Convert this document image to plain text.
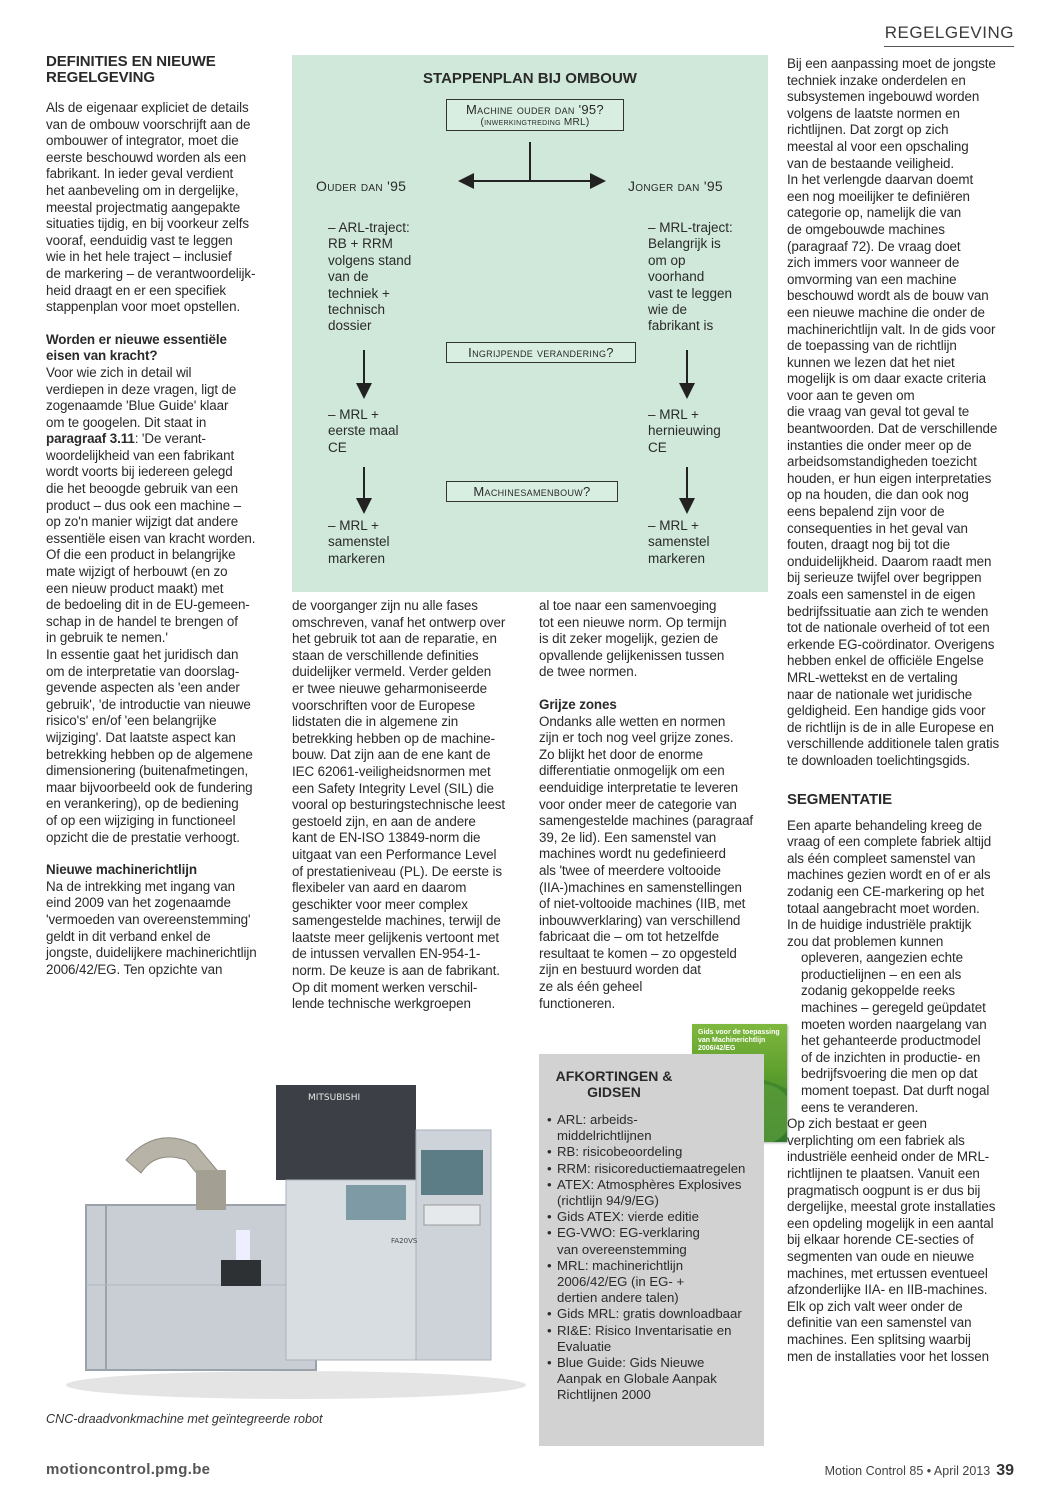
REGELGEVING

DEFINITIES EN NIEUWE
REGELGEVING

Als de eigenaar expliciet de details
van de ombouw voorschrijft aan de
ombouwer of integrator, moet die
eerste beschouwd worden als een
fabrikant. In ieder geval verdient
het aanbeveling om in dergelijke,
meestal projectmatig aangepakte
situaties tijdig, en bij voorkeur zelfs
vooraf, eenduidig vast te leggen
wie in het hele traject – inclusief
de markering – de verantwoordelijk-
heid draagt en er een specifiek
stappenplan voor moet opstellen.

Worden er nieuwe essentiële
eisen van kracht?

Voor wie zich in detail wil
verdiepen in deze vragen, ligt de
zogenaamde 'Blue Guide' klaar
om te googelen. Dit staat in
paragraaf 3.11: 'De verant-
woordelijkheid van een fabrikant
wordt voorts bij iedereen gelegd
die het beoogde gebruik van een
product – dus ook een machine –
op zo'n manier wijzigt dat andere
essentiële eisen van kracht worden.
Of die een product in belangrijke
mate wijzigt of herbouwt (en zo
een nieuw product maakt) met
de bedoeling dit in de EU-gemeen-
schap in de handel te brengen of
in gebruik te nemen.'

In essentie gaat het juridisch dan
om de interpretatie van doorslag-
gevende aspecten als 'een ander
gebruik', 'de introductie van nieuwe
risico's' en/of 'een belangrijke
wijziging'. Dat laatste aspect kan
betrekking hebben op de algemene
dimensionering (buitenafmetingen,
maar bijvoorbeeld ook de fundering
en verankering), op de bediening
of op een wijziging in functioneel
opzicht die de prestatie verhoogt.

Nieuwe machinerichtlijn

Na de intrekking met ingang van
eind 2009 van het zogenaamde
'vermoeden van overeenstemming'
geldt in dit verband enkel de
jongste, duidelijkere machinerichtlijn
2006/42/EG. Ten opzichte van

STAPPENPLAN BIJ OMBOUW
Machine ouder dan '95?
(inwerkingtreding MRL)
Ouder dan '95	Jonger dan '95
– ARL-traject:
RB + RRM
volgens stand
van de
techniek +
technisch
dossier
– MRL-traject:
Belangrijk is
om op
voorhand
vast te leggen
wie de
fabrikant is
Ingrijpende verandering?
– MRL +
eerste maal
CE
– MRL +
hernieuwing
CE
Machinesamenbouw?
– MRL +
samenstel
markeren
– MRL +
samenstel
markeren

de voorganger zijn nu alle fases
omschreven, vanaf het ontwerp over
het gebruik tot aan de reparatie, en
staan de verschillende definities
duidelijker vermeld. Verder gelden
er twee nieuwe geharmoniseerde
voorschriften voor de Europese
lidstaten die in algemene zin
betrekking hebben op de machine-
bouw. Dat zijn aan de ene kant de
IEC 62061-veiligheidsnormen met
een Safety Integrity Level (SIL) die
vooral op besturingstechnische leest
gestoeld zijn, en aan de andere
kant de EN-ISO 13849-norm die
uitgaat van een Performance Level
of prestatieniveau (PL). De eerste is
flexibeler van aard en daarom
geschikter voor meer complex
samengestelde machines, terwijl de
laatste meer gelijkenis vertoont met
de intussen vervallen EN-954-1-
norm. De keuze is aan de fabrikant.
Op dit moment werken verschil-
lende technische werkgroepen

al toe naar een samenvoeging
tot een nieuwe norm. Op termijn
is dit zeker mogelijk, gezien de
opvallende gelijkenissen tussen
de twee normen.

Grijze zones

Ondanks alle wetten en normen
zijn er toch nog veel grijze zones.
Zo blijkt het door de enorme
differentiatie onmogelijk om een
eenduidige interpretatie te leveren
voor onder meer de categorie van
samengestelde machines (paragraaf
39, 2e lid). Een samenstel van
machines wordt nu gedefinieerd
als 'twee of meerdere voltooide
(IIA-)machines en samenstellingen
of niet-voltooide machines (IIB, met
inbouwverklaring) van verschillend
fabricaat die – om tot hetzelfde
resultaat te komen – zo opgesteld
zijn en bestuurd worden dat
ze als één geheel
functioneren.

Gids voor de toepassing
van Machinerichtlijn
2006/42/EG
AFKORTINGEN &
GIDSEN
• ARL: arbeids-
middelrichtlijnen
• RB: risicobeoordeling
• RRM: risicoreductiemaatregelen
• ATEX: Atmosphères Explosives
(richtlijn 94/9/EG)
• Gids ATEX: vierde editie
• EG-VWO: EG-verklaring
van overeenstemming
• MRL: machinerichtlijn
2006/42/EG (in EG- +
dertien andere talen)
• Gids MRL: gratis downloadbaar
• RI&E: Risico Inventarisatie en
Evaluatie
• Blue Guide: Gids Nieuwe
Aanpak en Globale Aanpak
Richtlijnen 2000

Bij een aanpassing moet de jongste
techniek inzake onderdelen en
subsystemen ingebouwd worden
volgens de laatste normen en
richtlijnen. Dat zorgt op zich
meestal al voor een opschaling
van de bestaande veiligheid.

In het verlengde daarvan doemt
een nog moeilijker te definiëren
categorie op, namelijk die van
de omgebouwde machines
(paragraaf 72). De vraag doet
zich immers voor wanneer de
omvorming van een machine
beschouwd wordt als de bouw van
een nieuwe machine die onder de
machinerichtlijn valt. In de gids voor
de toepassing van de richtlijn
kunnen we lezen dat het niet
mogelijk is om daar exacte criteria
voor aan te geven om
die vraag van geval tot geval te
beantwoorden. Dat de verschillende
instanties die onder meer op de
arbeidsomstandigheden toezicht
houden, er hun eigen interpretaties
op na houden, die dan ook nog
eens bepalend zijn voor de
consequenties in het geval van
fouten, draagt nog bij tot die
onduidelijkheid. Daarom raadt men
bij serieuze twijfel over begrippen
zoals een samenstel in de eigen
bedrijfssituatie aan zich te wenden
tot de nationale overheid of tot een
erkende EG-coördinator. Overigens
hebben enkel de officiële Engelse
MRL-wettekst en de vertaling
naar de nationale wet juridische
geldigheid. Een handige gids voor
de richtlijn is de in alle Europese en
verschillende additionele talen gratis
te downloaden toelichtingsgids.

SEGMENTATIE

Een aparte behandeling kreeg de
vraag of een complete fabriek altijd
als één compleet samenstel van
machines gezien wordt en of er als
zodanig een CE-markering op het
totaal aangebracht moet worden.
In de huidige industriële praktijk
zou dat problemen kunnen

opleveren, aangezien echte
productielijnen – en een als
zodanig gekoppelde reeks
machines – geregeld geüpdatet
moeten worden naargelang van
het gehanteerde productmodel
of de inzichten in productie- en
bedrijfsvoering die men op dat
moment toepast. Dat durft nogal
eens te veranderen.

Op zich bestaat er geen
verplichting om een fabriek als
industriële eenheid onder de MRL-
richtlijnen te plaatsen. Vanuit een
pragmatisch oogpunt is er dus bij
dergelijke, meestal grote installaties
een opdeling mogelijk in een aantal
bij elkaar horende CE-secties of
segmenten van oude en nieuwe
machines, met ertussen eventueel
afzonderlijke IIA- en IIB-machines.
Elk op zich valt weer onder de
definitie van een samenstel van
machines. Een splitsing waarbij
men de installaties voor het lossen

MITSUBISHI
FA20VS
CNC-draadvonkmachine met geïntegreerde robot
motioncontrol.pmg.be	Motion Control 85 • April 2013 39
